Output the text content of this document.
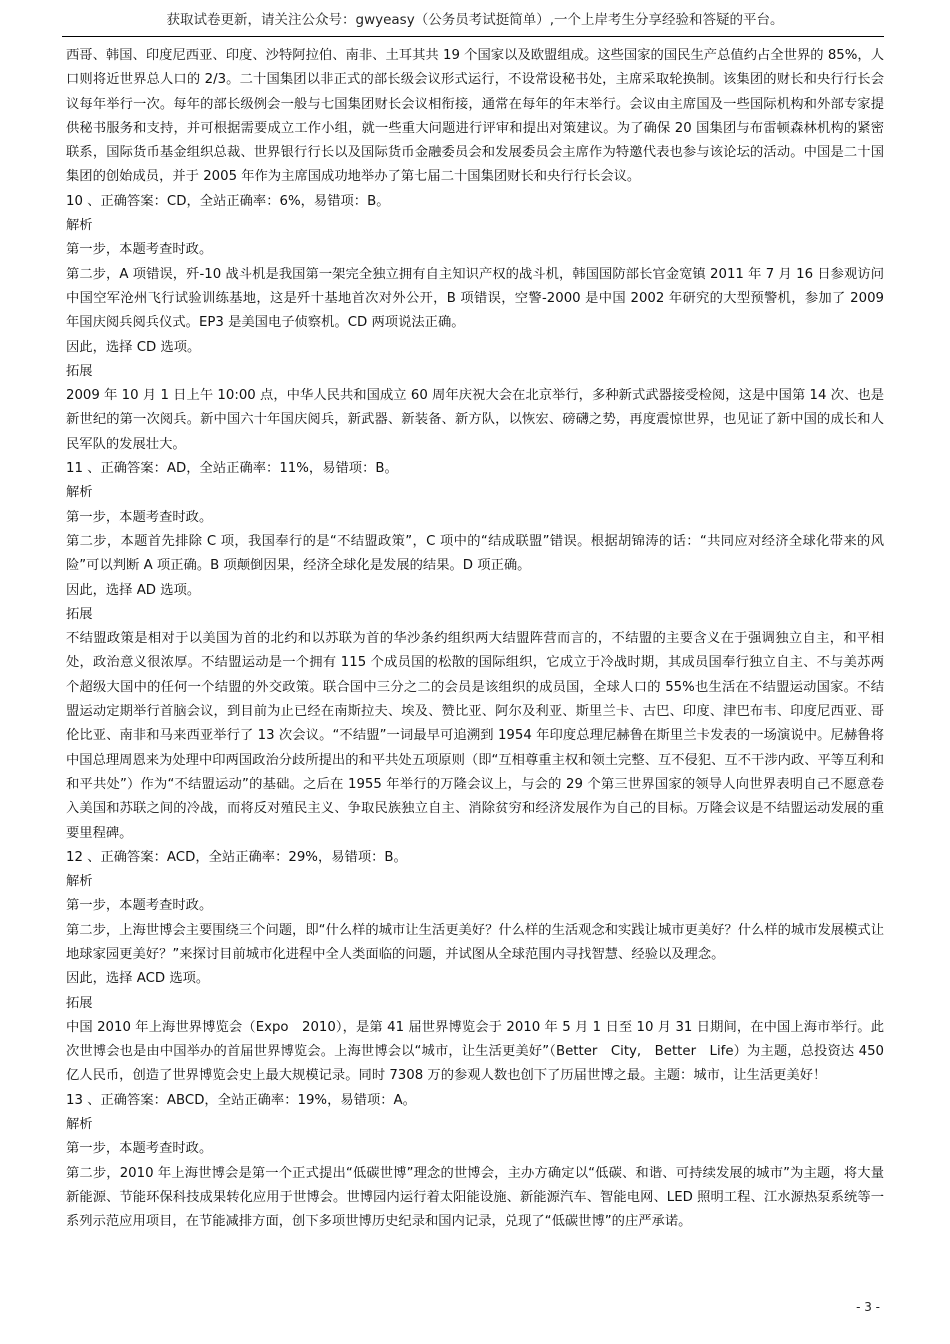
获取试卷更新，请关注公众号：gwyeasy（公务员考试挺简单）,一个上岸考生分享经验和答疑的平台。

西哥、韩国、印度尼西亚、印度、沙特阿拉伯、南非、土耳其共 19 个国家以及欧盟组成。这些国家的国民生产总值约占全世界的 85%，人口则将近世界总人口的 2/3。二十国集团以非正式的部长级会议形式运行，不设常设秘书处，主席采取轮换制。该集团的财长和央行行长会议每年举行一次。每年的部长级例会一般与七国集团财长会议相衔接，通常在每年的年末举行。会议由主席国及一些国际机构和外部专家提供秘书服务和支持，并可根据需要成立工作小组，就一些重大问题进行评审和提出对策建议。为了确保 20 国集团与布雷顿森林机构的紧密联系，国际货币基金组织总裁、世界银行行长以及国际货币金融委员会和发展委员会主席作为特邀代表也参与该论坛的活动。中国是二十国集团的创始成员，并于 2005 年作为主席国成功地举办了第七届二十国集团财长和央行行长会议。

10 、正确答案：CD，全站正确率：6%，易错项：B。

解析

第一步，本题考查时政。

第二步，A 项错误，歼-10 战斗机是我国第一架完全独立拥有自主知识产权的战斗机，韩国国防部长官金宽镇 2011 年 7 月 16 日参观访问中国空军沧州飞行试验训练基地，这是歼十基地首次对外公开，B 项错误，空警-2000 是中国 2002 年研究的大型预警机，参加了 2009 年国庆阅兵阅兵仪式。EP3 是美国电子侦察机。CD 两项说法正确。

因此，选择 CD 选项。

拓展

2009 年 10 月 1 日上午 10:00 点，中华人民共和国成立 60 周年庆祝大会在北京举行，多种新式武器接受检阅，这是中国第 14 次、也是新世纪的第一次阅兵。新中国六十年国庆阅兵，新武器、新装备、新方队，以恢宏、磅礴之势，再度震惊世界，也见证了新中国的成长和人民军队的发展壮大。

11 、正确答案：AD，全站正确率：11%，易错项：B。

解析

第一步，本题考查时政。

第二步，本题首先排除 C 项，我国奉行的是“不结盟政策”，C 项中的“结成联盟”错误。根据胡锦涛的话：“共同应对经济全球化带来的风险”可以判断 A 项正确。B 项颠倒因果，经济全球化是发展的结果。D 项正确。

因此，选择 AD 选项。

拓展

不结盟政策是相对于以美国为首的北约和以苏联为首的华沙条约组织两大结盟阵营而言的，不结盟的主要含义在于强调独立自主，和平相处，政治意义很浓厚。不结盟运动是一个拥有 115 个成员国的松散的国际组织，它成立于冷战时期，其成员国奉行独立自主、不与美苏两个超级大国中的任何一个结盟的外交政策。联合国中三分之二的会员是该组织的成员国，全球人口的 55%也生活在不结盟运动国家。不结盟运动定期举行首脑会议，到目前为止已经在南斯拉夫、埃及、赞比亚、阿尔及利亚、斯里兰卡、古巴、印度、津巴布韦、印度尼西亚、哥伦比亚、南非和马来西亚举行了 13 次会议。“不结盟”一词最早可追溯到 1954 年印度总理尼赫鲁在斯里兰卡发表的一场演说中。尼赫鲁将中国总理周恩来为处理中印两国政治分歧所提出的和平共处五项原则（即“互相尊重主权和领土完整、互不侵犯、互不干涉内政、平等互利和和平共处”）作为“不结盟运动”的基础。之后在 1955 年举行的万隆会议上，与会的 29 个第三世界国家的领导人向世界表明自己不愿意卷入美国和苏联之间的冷战，而将反对殖民主义、争取民族独立自主、消除贫穷和经济发展作为自己的目标。万隆会议是不结盟运动发展的重要里程碑。

12 、正确答案：ACD，全站正确率：29%，易错项：B。

解析

第一步，本题考查时政。

第二步，上海世博会主要围绕三个问题，即“什么样的城市让生活更美好？什么样的生活观念和实践让城市更美好？什么样的城市发展模式让地球家园更美好？”来探讨目前城市化进程中全人类面临的问题，并试图从全球范围内寻找智慧、经验以及理念。

因此，选择 ACD 选项。

拓展

中国 2010 年上海世界博览会（Expo　2010），是第 41 届世界博览会于 2010 年 5 月 1 日至 10 月 31 日期间，在中国上海市举行。此次世博会也是由中国举办的首届世界博览会。上海世博会以“城市，让生活更美好”（Better　City,　Better　Life）为主题，总投资达 450 亿人民币，创造了世界博览会史上最大规模记录。同时 7308 万的参观人数也创下了历届世博之最。主题：城市，让生活更美好！

13 、正确答案：ABCD，全站正确率：19%，易错项：A。

解析

第一步，本题考查时政。

第二步，2010 年上海世博会是第一个正式提出“低碳世博”理念的世博会，主办方确定以“低碳、和谐、可持续发展的城市”为主题，将大量新能源、节能环保科技成果转化应用于世博会。世博园内运行着太阳能设施、新能源汽车、智能电网、LED 照明工程、江水源热泵系统等一系列示范应用项目，在节能减排方面，创下多项世博历史纪录和国内记录，兑现了“低碳世博”的庄严承诺。

- 3 -
